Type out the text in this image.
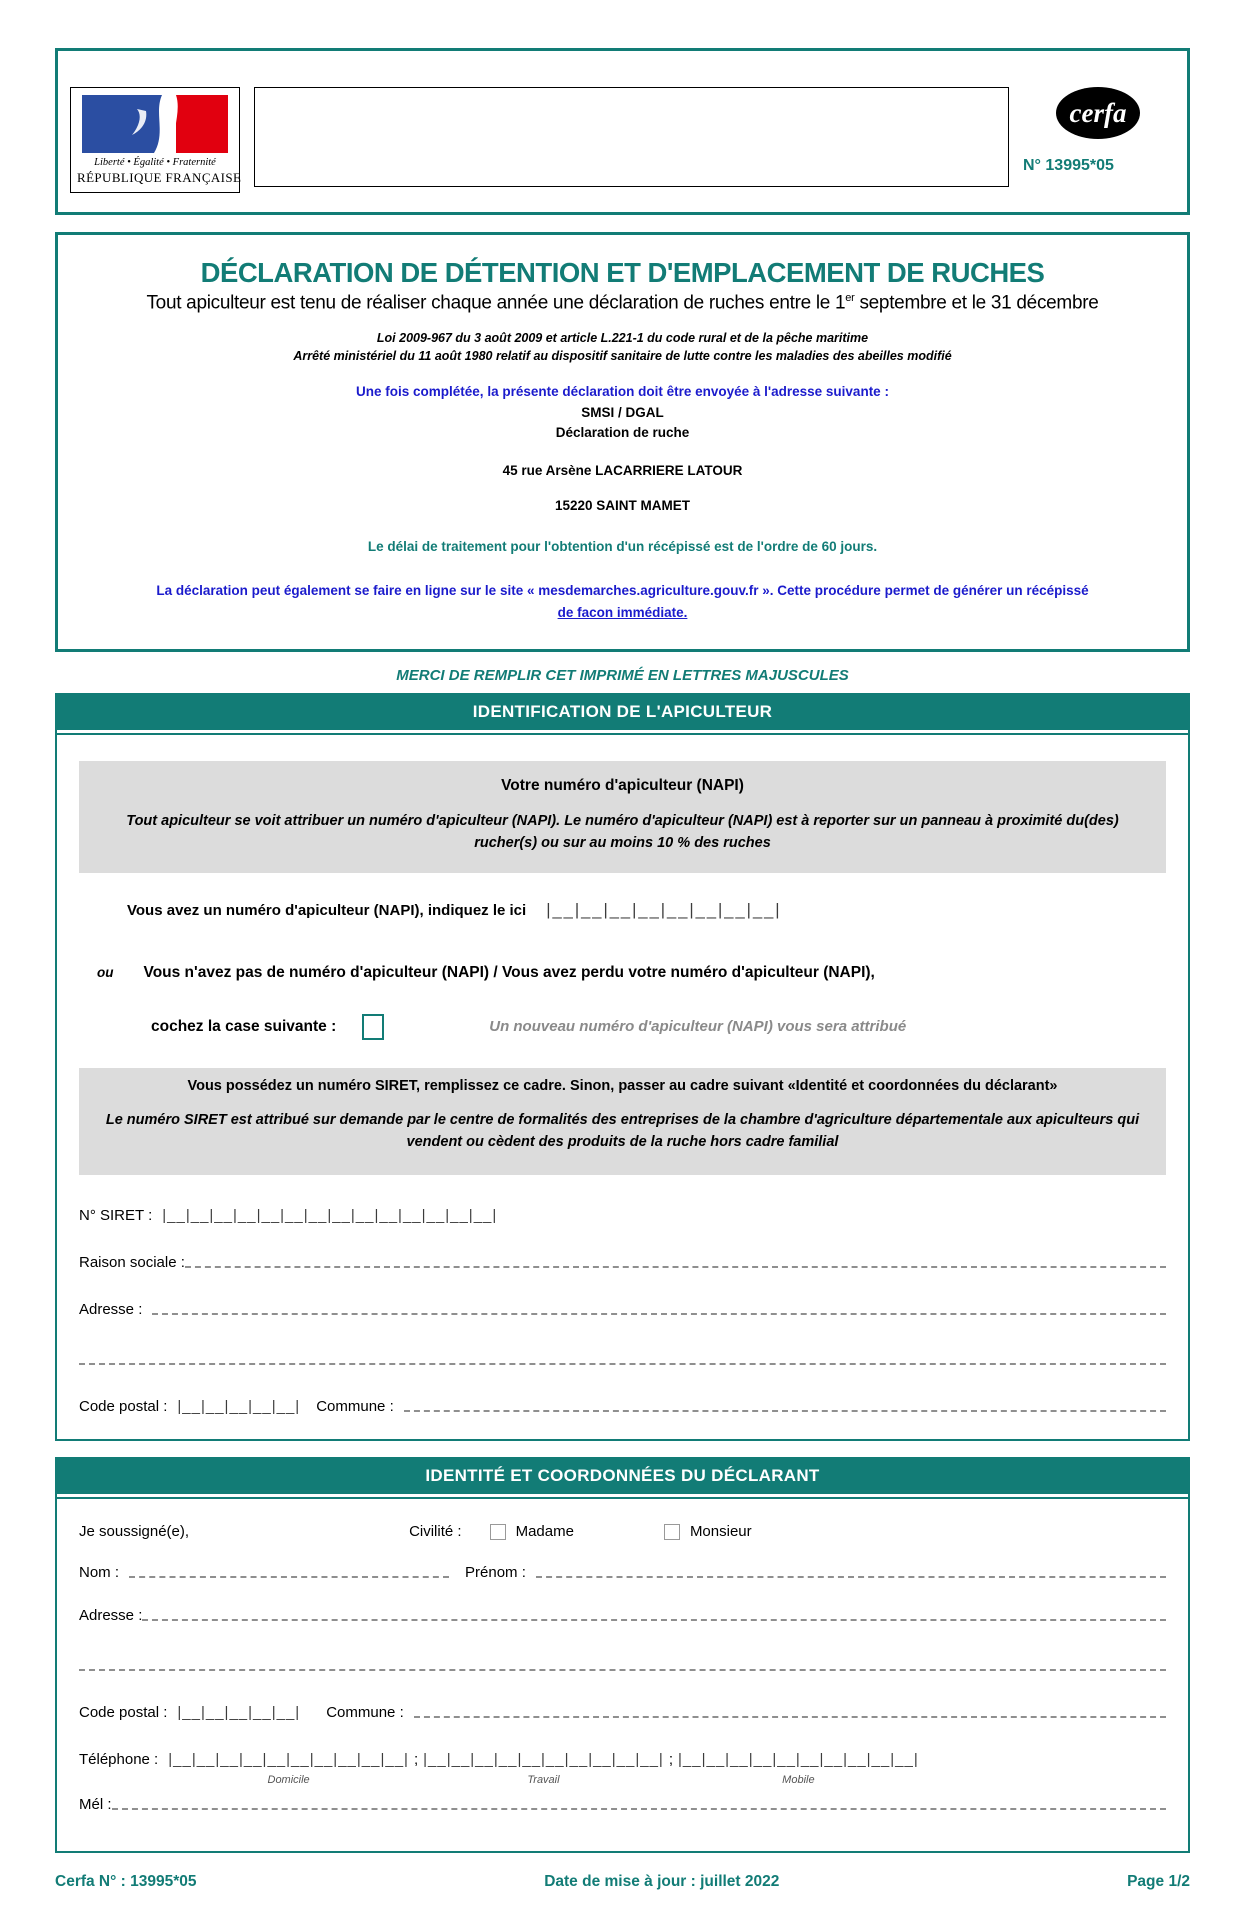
Liberté • Égalité • Fraternité
RÉPUBLIQUE FRANÇAISE
cerfa
N° 13995*05
DÉCLARATION DE DÉTENTION ET D'EMPLACEMENT DE RUCHES
Tout apiculteur est tenu de réaliser chaque année une déclaration de ruches entre le 1er septembre et le 31 décembre
Loi 2009-967 du 3 août 2009 et article L.221-1 du code rural et de la pêche maritime
Arrêté ministériel du 11 août 1980 relatif au dispositif sanitaire de lutte contre les maladies des abeilles modifié
Une fois complétée, la présente déclaration doit être envoyée à l'adresse suivante :
SMSI / DGAL
Déclaration de ruche
45 rue Arsène LACARRIERE LATOUR
15220 SAINT MAMET
Le délai de traitement pour l'obtention d'un récépissé est de l'ordre de 60 jours.
La déclaration peut également se faire en ligne sur le site « mesdemarches.agriculture.gouv.fr ». Cette procédure permet de générer un récépissé
de facon immédiate.
MERCI DE REMPLIR CET IMPRIMÉ EN LETTRES MAJUSCULES
IDENTIFICATION DE L'APICULTEUR
Votre numéro d'apiculteur (NAPI)
Tout apiculteur se voit attribuer un numéro d'apiculteur (NAPI). Le numéro d'apiculteur (NAPI) est à reporter sur un panneau à proximité du(des) rucher(s) ou sur au moins 10 % des ruches
Vous avez un numéro d'apiculteur (NAPI), indiquez le ici |__|__|__|__|__|__|__|__|
ou Vous n'avez pas de numéro d'apiculteur (NAPI) / Vous avez perdu votre numéro d'apiculteur (NAPI),
cochez la case suivante :	Un nouveau numéro d'apiculteur (NAPI) vous sera attribué
Vous possédez un numéro SIRET, remplissez ce cadre. Sinon, passer au cadre suivant «Identité et coordonnées du déclarant»
Le numéro SIRET est attribué sur demande par le centre de formalités des entreprises de la chambre d'agriculture départementale aux apiculteurs qui vendent ou cèdent des produits de la ruche hors cadre familial
N° SIRET : |__|__|__|__|__|__|__|__|__|__|__|__|__|__|
Raison sociale :
Adresse :
Code postal : |__|__|__|__|__| Commune :
IDENTITÉ ET COORDONNÉES DU DÉCLARANT
Je soussigné(e),	Civilité :	Madame	Monsieur
Nom :	Prénom :
Adresse :
Code postal : |__|__|__|__|__| Commune :
Téléphone : |__|__|__|__|__|__|__|__|__|__|
Domicile
; |__|__|__|__|__|__|__|__|__|__|
Travail
; |__|__|__|__|__|__|__|__|__|__|
Mobile
Mél :
Cerfa N° : 13995*05	Date de mise à jour : juillet 2022	Page 1/2
